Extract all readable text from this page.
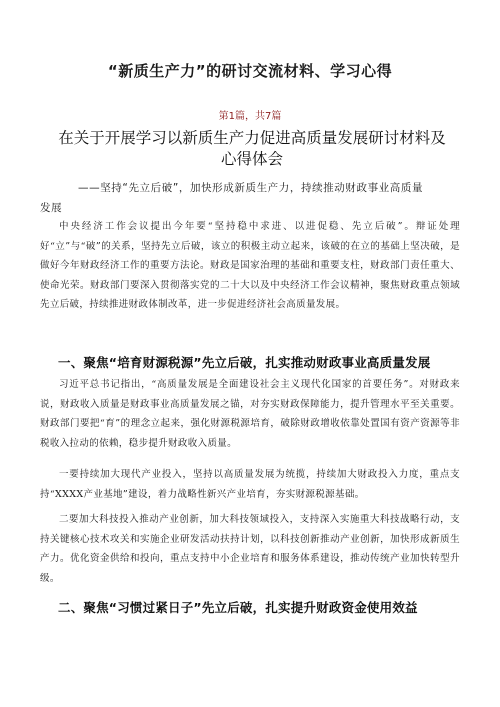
“新质生产力”的研讨交流材料、学习心得
第1篇，共7篇
在关于开展学习以新质生产力促进高质量发展研讨材料及心得体会
——坚持“先立后破”，加快形成新质生产力，持续推动财政事业高质量
发展

中央经济工作会议提出今年要“坚持稳中求进、以进促稳、先立后破”。辩证处理好“立”与“破”的关系，坚持先立后破，该立的积极主动立起来，该破的在立的基础上坚决破，是做好今年财政经济工作的重要方法论。财政是国家治理的基础和重要支柱，财政部门责任重大、使命光荣。财政部门要深入贯彻落实党的二十大以及中央经济工作会议精神，聚焦财政重点领域先立后破，持续推进财政体制改革，进一步促进经济社会高质量发展。

一、聚焦“培育财源税源”先立后破，扎实推动财政事业高质量发展

习近平总书记指出，“高质量发展是全面建设社会主义现代化国家的首要任务”。对财政来说，财政收入质量是财政事业高质量发展之锚，对夯实财政保障能力，提升管理水平至关重要。财政部门要把“育”的理念立起来，强化财源税源培育，破除财政增收依靠处置国有资产资源等非税收入拉动的依赖，稳步提升财政收入质量。

一要持续加大现代产业投入，坚持以高质量发展为统揽，持续加大财政投入力度，重点支持“XXXX产业基地”建设，着力战略性新兴产业培育，夯实财源税源基础。

二要加大科技投入推动产业创新，加大科技领域投入，支持深入实施重大科技战略行动，支持关键核心技术攻关和实施企业研发活动扶持计划，以科技创新推动产业创新，加快形成新质生产力。优化资金供给和投向，重点支持中小企业培育和服务体系建设，推动传统产业加快转型升级。

二、聚焦“习惯过紧日子”先立后破，扎实提升财政资金使用效益
